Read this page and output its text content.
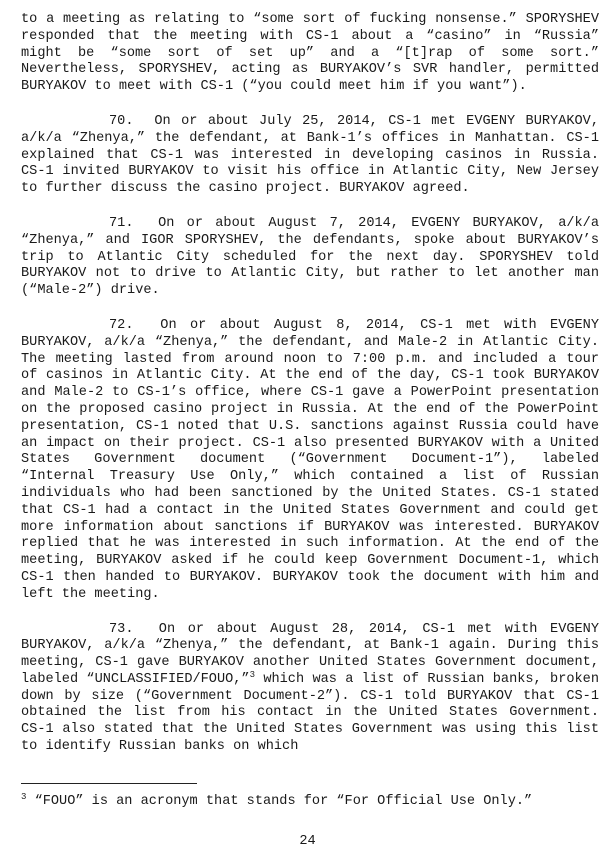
to a meeting as relating to “some sort of fucking nonsense.” SPORYSHEV responded that the meeting with CS-1 about a “casino” in “Russia” might be “some sort of set up” and a “[t]rap of some sort.” Nevertheless, SPORYSHEV, acting as BURYAKOV’s SVR handler, permitted BURYAKOV to meet with CS-1 (“you could meet him if you want”).

70. On or about July 25, 2014, CS-1 met EVGENY BURYAKOV, a/k/a “Zhenya,” the defendant, at Bank-1’s offices in Manhattan. CS-1 explained that CS-1 was interested in developing casinos in Russia. CS-1 invited BURYAKOV to visit his office in Atlantic City, New Jersey to further discuss the casino project. BURYAKOV agreed.

71. On or about August 7, 2014, EVGENY BURYAKOV, a/k/a “Zhenya,” and IGOR SPORYSHEV, the defendants, spoke about BURYAKOV’s trip to Atlantic City scheduled for the next day. SPORYSHEV told BURYAKOV not to drive to Atlantic City, but rather to let another man (“Male-2”) drive.

72. On or about August 8, 2014, CS-1 met with EVGENY BURYAKOV, a/k/a “Zhenya,” the defendant, and Male-2 in Atlantic City. The meeting lasted from around noon to 7:00 p.m. and included a tour of casinos in Atlantic City. At the end of the day, CS-1 took BURYAKOV and Male-2 to CS-1’s office, where CS-1 gave a PowerPoint presentation on the proposed casino project in Russia. At the end of the PowerPoint presentation, CS-1 noted that U.S. sanctions against Russia could have an impact on their project. CS-1 also presented BURYAKOV with a United States Government document (“Government Document-1”), labeled “Internal Treasury Use Only,” which contained a list of Russian individuals who had been sanctioned by the United States. CS-1 stated that CS-1 had a contact in the United States Government and could get more information about sanctions if BURYAKOV was interested. BURYAKOV replied that he was interested in such information. At the end of the meeting, BURYAKOV asked if he could keep Government Document-1, which CS-1 then handed to BURYAKOV. BURYAKOV took the document with him and left the meeting.

73. On or about August 28, 2014, CS-1 met with EVGENY BURYAKOV, a/k/a “Zhenya,” the defendant, at Bank-1 again. During this meeting, CS-1 gave BURYAKOV another United States Government document, labeled “UNCLASSIFIED/FOUO,”$^3$ which was a list of Russian banks, broken down by size (“Government Document-2”). CS-1 told BURYAKOV that CS-1 obtained the list from his contact in the United States Government. CS-1 also stated that the United States Government was using this list to identify Russian banks on which

$^3$ “FOUO” is an acronym that stands for “For Official Use Only.”
24
